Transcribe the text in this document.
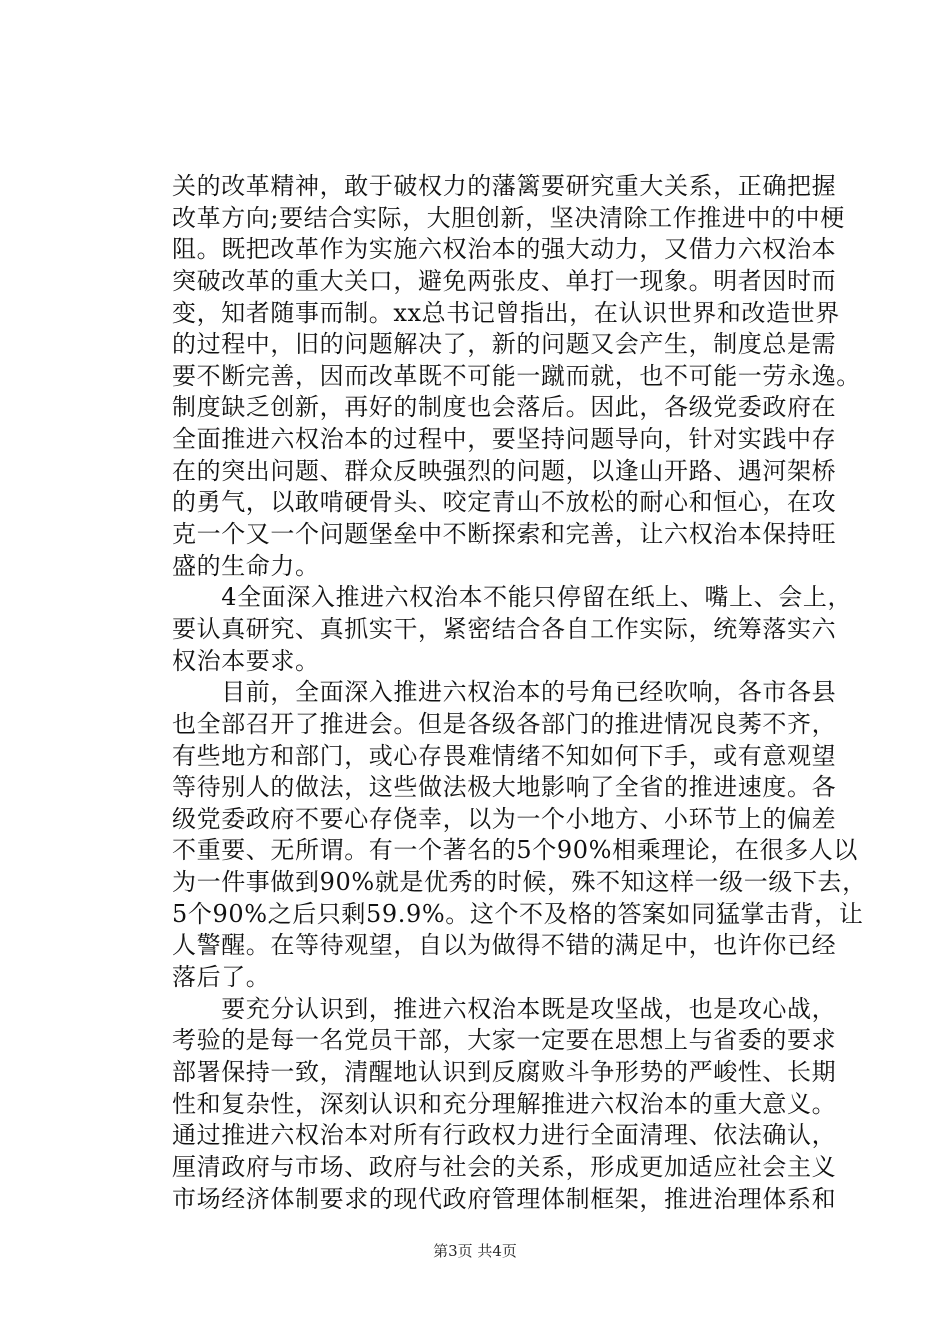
关的改革精神，敢于破权力的藩篱要研究重大关系，正确把握
改革方向;要结合实际，大胆创新，坚决清除工作推进中的中梗
阻。既把改革作为实施六权治本的强大动力，又借力六权治本
突破改革的重大关口，避免两张皮、单打一现象。明者因时而
变，知者随事而制。xx总书记曾指出，在认识世界和改造世界
的过程中，旧的问题解决了，新的问题又会产生，制度总是需
要不断完善，因而改革既不可能一蹴而就，也不可能一劳永逸。
制度缺乏创新，再好的制度也会落后。因此，各级党委政府在
全面推进六权治本的过程中，要坚持问题导向，针对实践中存
在的突出问题、群众反映强烈的问题，以逢山开路、遇河架桥
的勇气，以敢啃硬骨头、咬定青山不放松的耐心和恒心，在攻
克一个又一个问题堡垒中不断探索和完善，让六权治本保持旺
盛的生命力。
　　4全面深入推进六权治本不能只停留在纸上、嘴上、会上，
要认真研究、真抓实干，紧密结合各自工作实际，统筹落实六
权治本要求。
　　目前，全面深入推进六权治本的号角已经吹响，各市各县
也全部召开了推进会。但是各级各部门的推进情况良莠不齐，
有些地方和部门，或心存畏难情绪不知如何下手，或有意观望
等待别人的做法，这些做法极大地影响了全省的推进速度。各
级党委政府不要心存侥幸，以为一个小地方、小环节上的偏差
不重要、无所谓。有一个著名的5个90%相乘理论，在很多人以
为一件事做到90%就是优秀的时候，殊不知这样一级一级下去，
5个90%之后只剩59.9%。这个不及格的答案如同猛掌击背，让
人警醒。在等待观望，自以为做得不错的满足中，也许你已经
落后了。
　　要充分认识到，推进六权治本既是攻坚战，也是攻心战，
考验的是每一名党员干部，大家一定要在思想上与省委的要求
部署保持一致，清醒地认识到反腐败斗争形势的严峻性、长期
性和复杂性，深刻认识和充分理解推进六权治本的重大意义。
通过推进六权治本对所有行政权力进行全面清理、依法确认，
厘清政府与市场、政府与社会的关系，形成更加适应社会主义
市场经济体制要求的现代政府管理体制框架，推进治理体系和
第3页 共4页
